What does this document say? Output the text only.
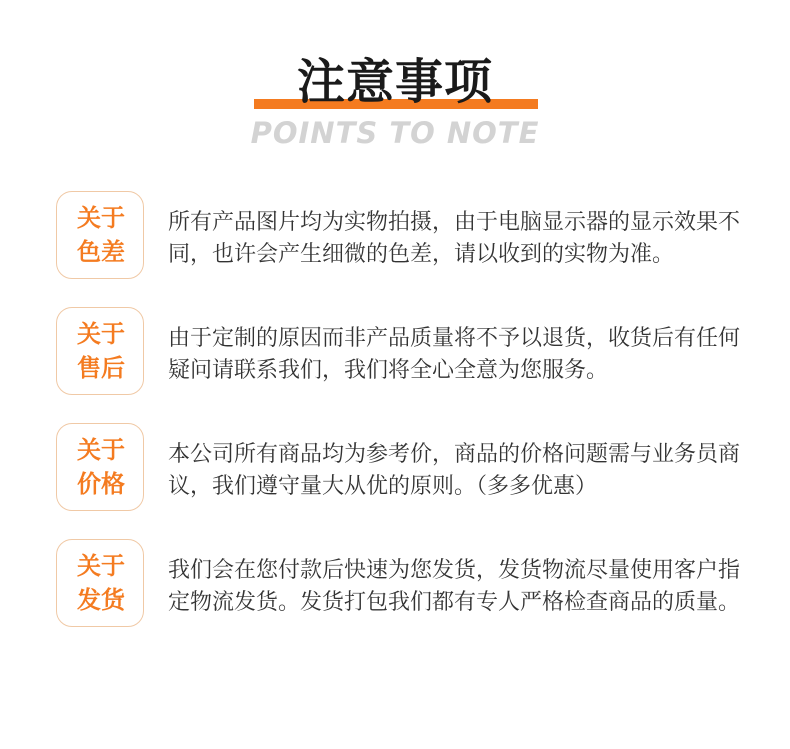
注意事项
POINTS TO NOTE
关于
色差

所有产品图片均为实物拍摄，由于电脑显示器的显示效果不同，也许会产生细微的色差，请以收到的实物为准。

关于
售后

由于定制的原因而非产品质量将不予以退货，收货后有任何疑问请联系我们，我们将全心全意为您服务。

关于
价格

本公司所有商品均为参考价，商品的价格问题需与业务员商议，我们遵守量大从优的原则。（多多优惠）

关于
发货

我们会在您付款后快速为您发货，发货物流尽量使用客户指定物流发货。发货打包我们都有专人严格检查商品的质量。
